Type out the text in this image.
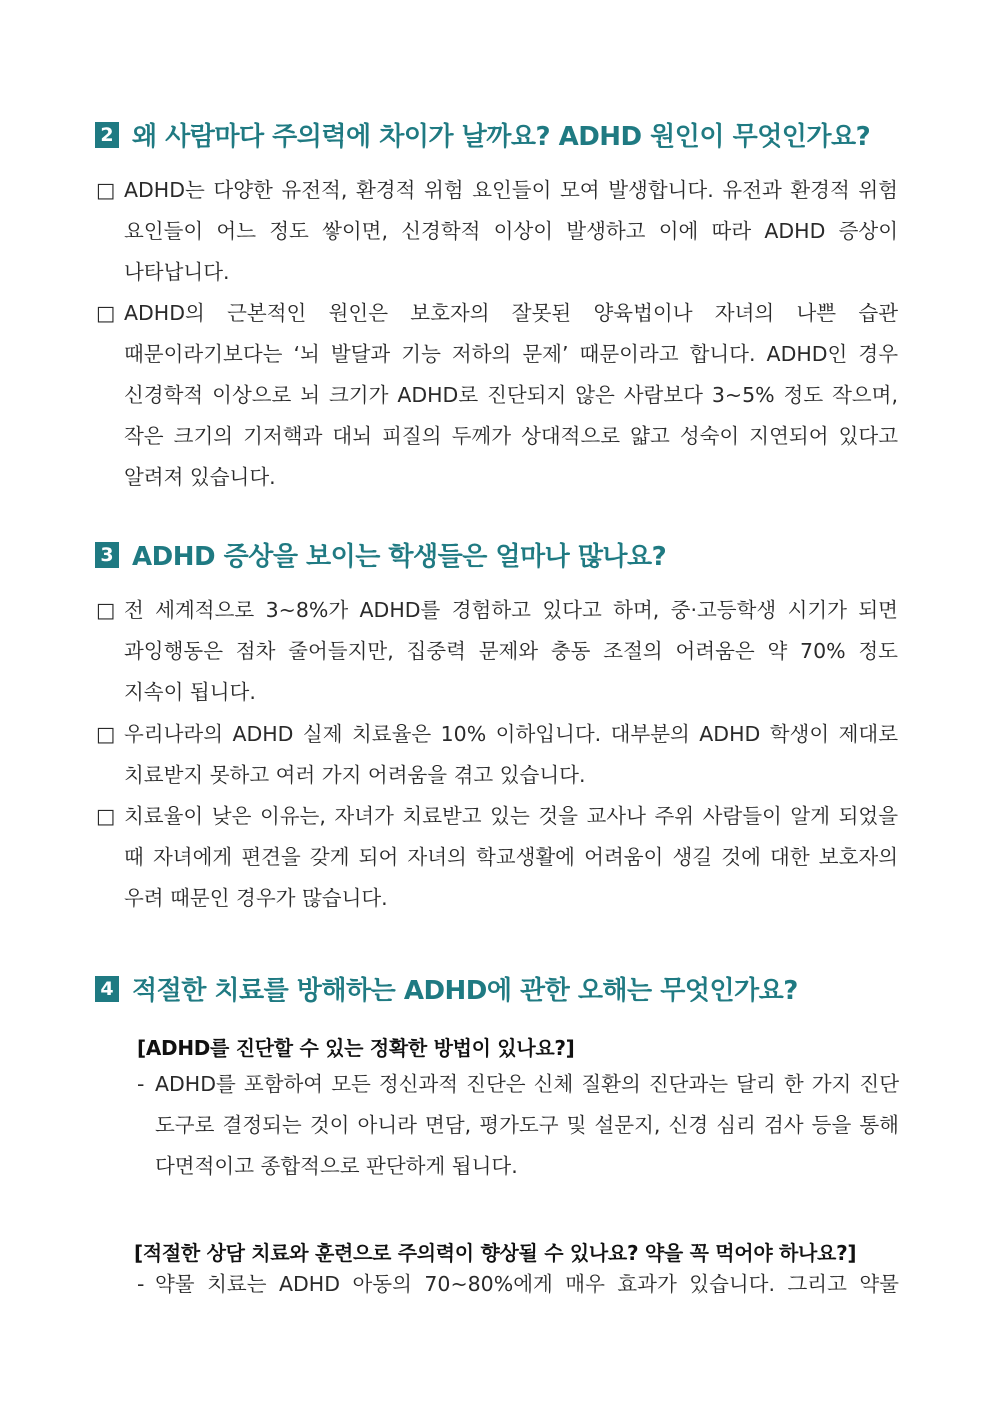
2 왜 사람마다 주의력에 차이가 날까요? ADHD 원인이 무엇인가요?
□ ADHD는 다양한 유전적, 환경적 위험 요인들이 모여 발생합니다. 유전과 환경적 위험 요인들이 어느 정도 쌓이면, 신경학적 이상이 발생하고 이에 따라 ADHD 증상이 나타납니다.
□ ADHD의 근본적인 원인은 보호자의 잘못된 양육법이나 자녀의 나쁜 습관 때문이라기보다는 ‘뇌 발달과 기능 저하의 문제’ 때문이라고 합니다. ADHD인 경우 신경학적 이상으로 뇌 크기가 ADHD로 진단되지 않은 사람보다 3~5% 정도 작으며, 작은 크기의 기저핵과 대뇌 피질의 두께가 상대적으로 얇고 성숙이 지연되어 있다고 알려져 있습니다.
3 ADHD 증상을 보이는 학생들은 얼마나 많나요?
□ 전 세계적으로 3~8%가 ADHD를 경험하고 있다고 하며, 중·고등학생 시기가 되면 과잉행동은 점차 줄어들지만, 집중력 문제와 충동 조절의 어려움은 약 70% 정도 지속이 됩니다.
□ 우리나라의 ADHD 실제 치료율은 10% 이하입니다. 대부분의 ADHD 학생이 제대로 치료받지 못하고 여러 가지 어려움을 겪고 있습니다.
□ 치료율이 낮은 이유는, 자녀가 치료받고 있는 것을 교사나 주위 사람들이 알게 되었을 때 자녀에게 편견을 갖게 되어 자녀의 학교생활에 어려움이 생길 것에 대한 보호자의 우려 때문인 경우가 많습니다.
4 적절한 치료를 방해하는 ADHD에 관한 오해는 무엇인가요?
[ADHD를 진단할 수 있는 정확한 방법이 있나요?]
- ADHD를 포함하여 모든 정신과적 진단은 신체 질환의 진단과는 달리 한 가지 진단 도구로 결정되는 것이 아니라 면담, 평가도구 및 설문지, 신경 심리 검사 등을 통해 다면적이고 종합적으로 판단하게 됩니다.
[적절한 상담 치료와 훈련으로 주의력이 향상될 수 있나요? 약을 꼭 먹어야 하나요?]
- 약물 치료는 ADHD 아동의 70~80%에게 매우 효과가 있습니다. 그리고 약물
